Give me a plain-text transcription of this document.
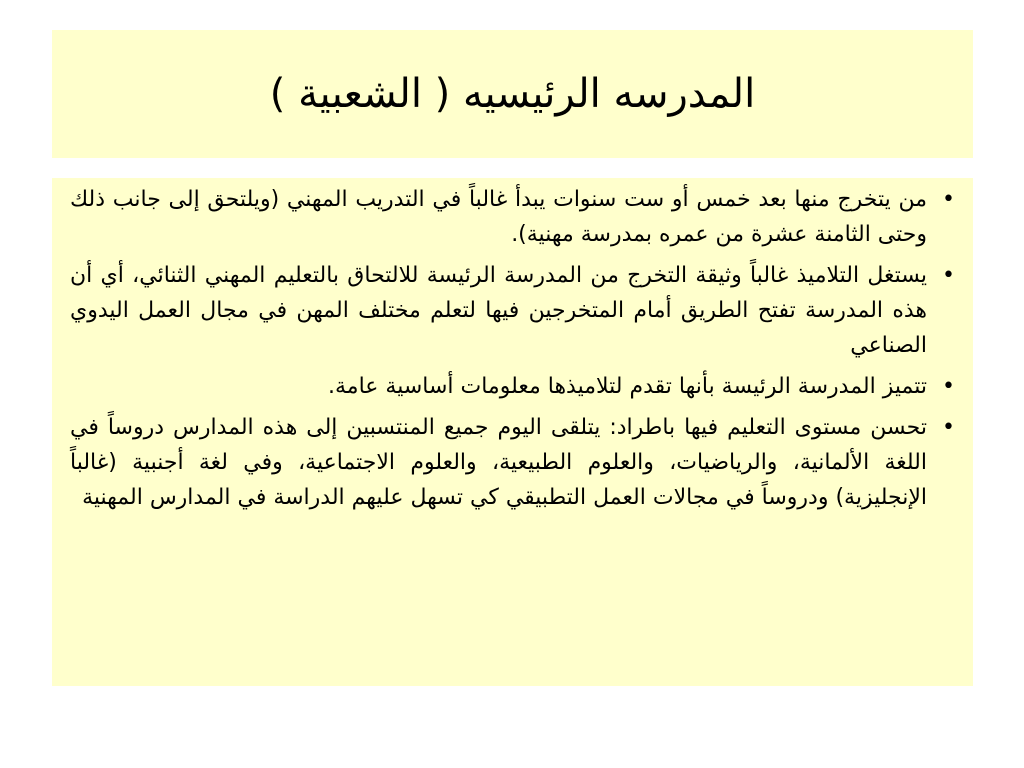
المدرسه الرئيسيه ( الشعبية )
•
من يتخرج منها بعد خمس أو ست سنوات يبدأ غالباً في التدريب المهني (ويلتحق إلى جانب ذلك وحتى الثامنة عشرة من عمره بمدرسة مهنية).
•
يستغل التلاميذ غالباً وثيقة التخرج من المدرسة الرئيسة للالتحاق بالتعليم المهني الثنائي، أي أن هذه المدرسة تفتح الطريق أمام المتخرجين فيها لتعلم مختلف المهن في مجال العمل اليدوي الصناعي
•
تتميز المدرسة الرئيسة بأنها تقدم لتلاميذها معلومات أساسية عامة.
•
تحسن مستوى التعليم فيها باطراد: يتلقى اليوم جميع المنتسبين إلى هذه المدارس دروساً في اللغة الألمانية، والرياضيات، والعلوم الطبيعية، والعلوم الاجتماعية، وفي لغة أجنبية (غالباً الإنجليزية) ودروساً في مجالات العمل التطبيقي كي تسهل عليهم الدراسة في المدارس المهنية
